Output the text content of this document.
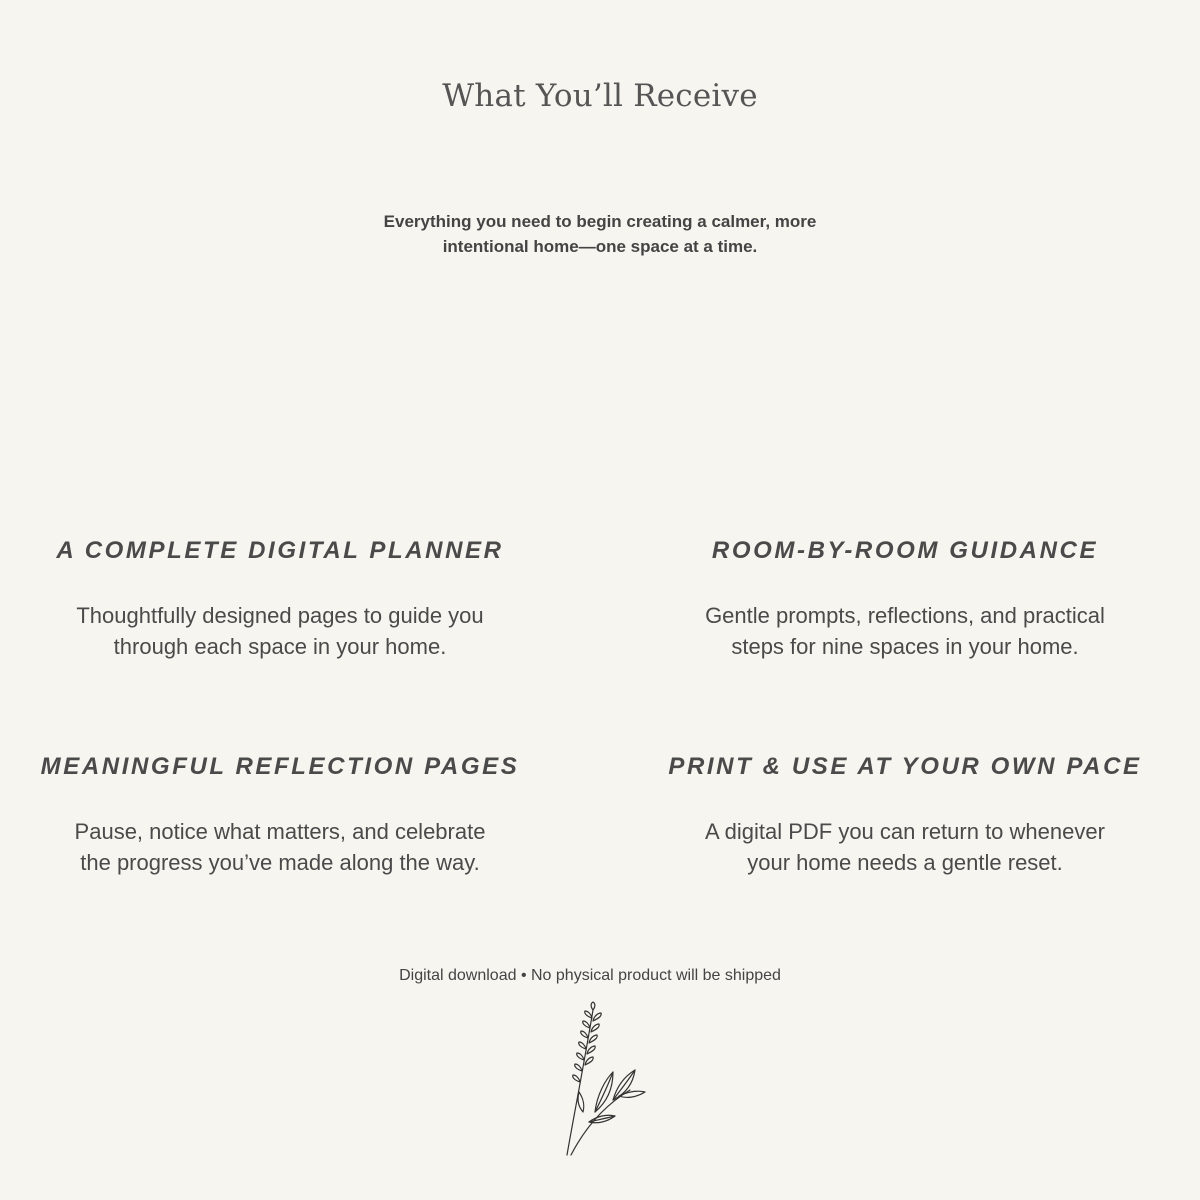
What You’ll Receive

Everything you need to begin creating a calmer, more intentional home—one space at a time.

A COMPLETE DIGITAL PLANNER

Thoughtfully designed pages to guide you through each space in your home.

ROOM-BY-ROOM GUIDANCE

Gentle prompts, reflections, and practical steps for nine spaces in your home.

MEANINGFUL REFLECTION PAGES

Pause, notice what matters, and celebrate the progress you’ve made along the way.

PRINT & USE AT YOUR OWN PACE

A digital PDF you can return to whenever your home needs a gentle reset.

Digital download • No physical product will be shipped
